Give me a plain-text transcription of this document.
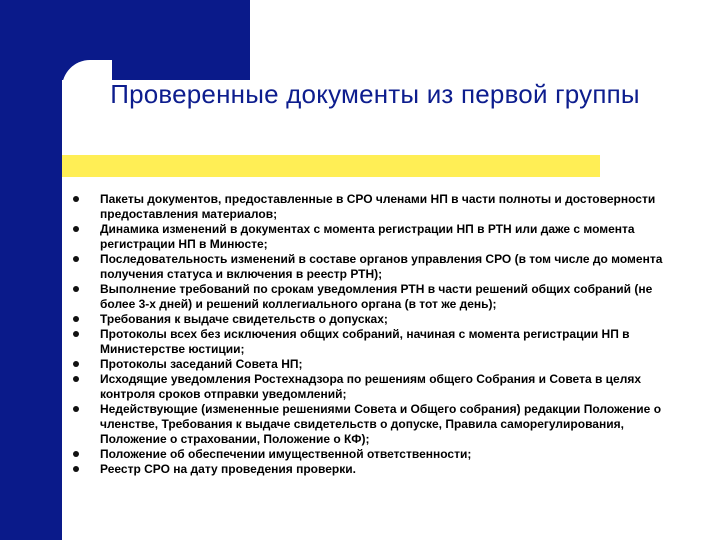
Проверенные документы из первой группы
Пакеты документов, предоставленные в СРО членами НП в части полноты и достоверности предоставления материалов;
Динамика изменений в документах с момента регистрации НП в РТН или даже с момента регистрации НП в Минюсте;
Последовательность изменений в составе органов управления СРО (в том числе до момента получения статуса и включения в реестр РТН);
Выполнение требований по срокам уведомления РТН в части решений общих собраний (не более 3-х дней) и решений коллегиального органа (в тот же день);
Требования к выдаче свидетельств о допусках;
Протоколы всех без исключения общих собраний, начиная с момента регистрации НП в Министерстве юстиции;
Протоколы заседаний Совета НП;
Исходящие уведомления Ростехнадзора по решениям общего Собрания и Совета в целях контроля сроков отправки уведомлений;
Недействующие (измененные решениями Совета и Общего собрания) редакции Положение о членстве, Требования к выдаче свидетельств о допуске, Правила саморегулирования, Положение о страховании, Положение о КФ);
Положение об обеспечении имущественной ответственности;
Реестр СРО на дату проведения проверки.
